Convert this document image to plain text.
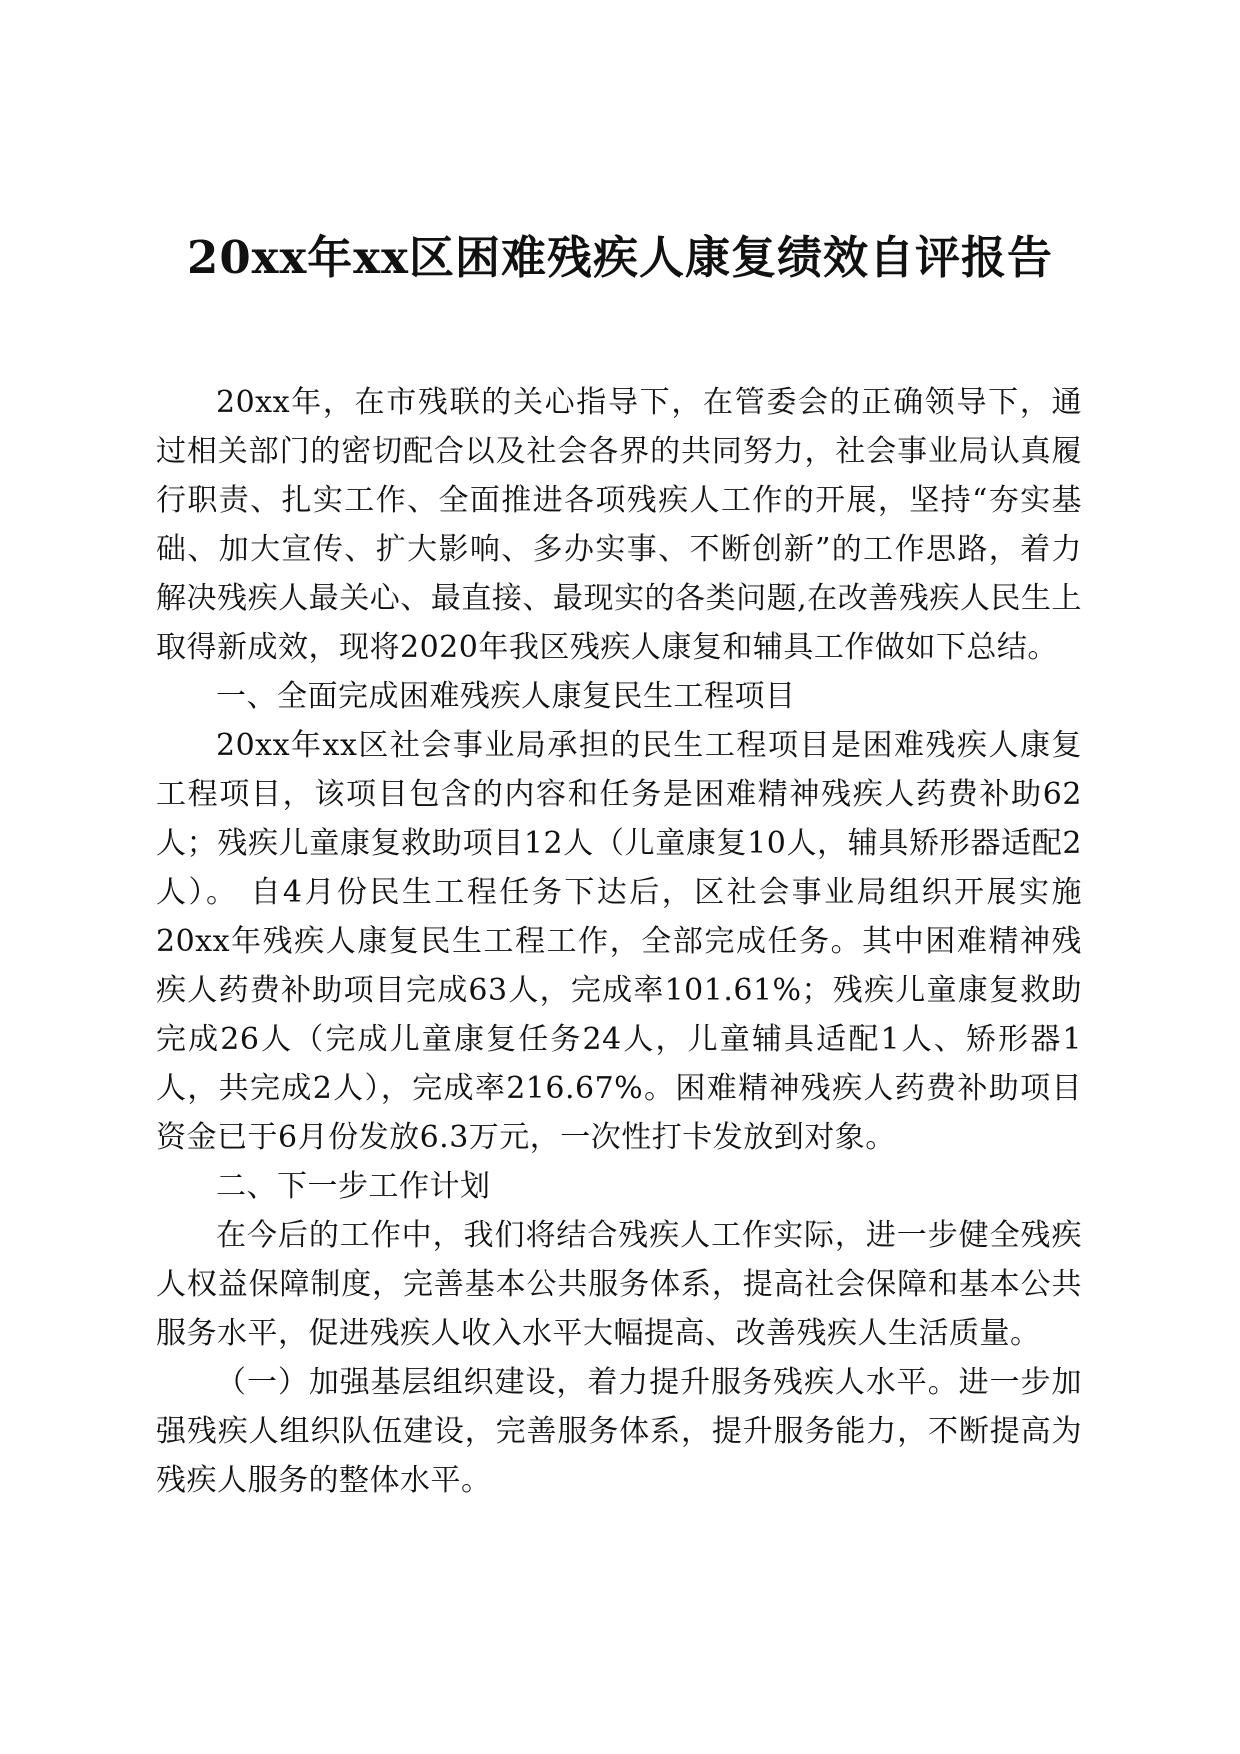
20xx年xx区困难残疾人康复绩效自评报告

20xx年，在市残联的关心指导下，在管委会的正确领导下，通过相关部门的密切配合以及社会各界的共同努力，社会事业局认真履行职责、扎实工作、全面推进各项残疾人工作的开展，坚持“夯实基础、加大宣传、扩大影响、多办实事、不断创新”的工作思路，着力解决残疾人最关心、最直接、最现实的各类问题,在改善残疾人民生上取得新成效，现将2020年我区残疾人康复和辅具工作做如下总结。

一、全面完成困难残疾人康复民生工程项目

20xx年xx区社会事业局承担的民生工程项目是困难残疾人康复工程项目，该项目包含的内容和任务是困难精神残疾人药费补助62人；残疾儿童康复救助项目12人（儿童康复10人，辅具矫形器适配2人）。 自4月份民生工程任务下达后，区社会事业局组织开展实施20xx年残疾人康复民生工程工作，全部完成任务。其中困难精神残疾人药费补助项目完成63人，完成率101.61%；残疾儿童康复救助完成26人（完成儿童康复任务24人，儿童辅具适配1人、矫形器1人，共完成2人），完成率216.67%。困难精神残疾人药费补助项目资金已于6月份发放6.3万元，一次性打卡发放到对象。

二、下一步工作计划

在今后的工作中，我们将结合残疾人工作实际，进一步健全残疾人权益保障制度，完善基本公共服务体系，提高社会保障和基本公共服务水平，促进残疾人收入水平大幅提高、改善残疾人生活质量。

（一）加强基层组织建设，着力提升服务残疾人水平。进一步加强残疾人组织队伍建设，完善服务体系，提升服务能力，不断提高为残疾人服务的整体水平。
